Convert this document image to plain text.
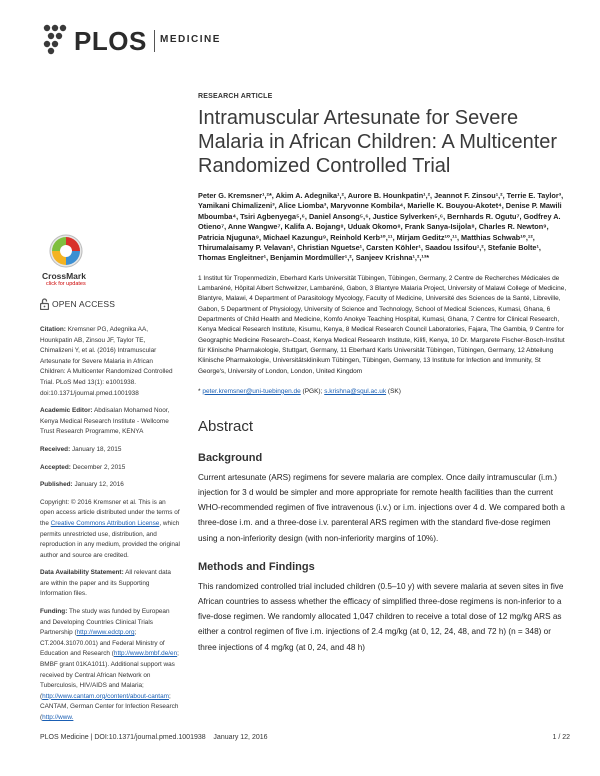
PLOS MEDICINE
CrossMark
click for updates
OPEN ACCESS

Citation: Kremsner PG, Adegnika AA, Hounkpatin AB, Zinsou JF, Taylor TE, Chimalizeni Y, et al. (2016) Intramuscular Artesunate for Severe Malaria in African Children: A Multicenter Randomized Controlled Trial. PLoS Med 13(1): e1001938. doi:10.1371/journal.pmed.1001938

Academic Editor: Abdisalan Mohamed Noor, Kenya Medical Research Institute - Wellcome Trust Research Programme, KENYA

Received: January 18, 2015

Accepted: December 2, 2015

Published: January 12, 2016

Copyright: © 2016 Kremsner et al. This is an open access article distributed under the terms of the Creative Commons Attribution License, which permits unrestricted use, distribution, and reproduction in any medium, provided the original author and source are credited.

Data Availability Statement: All relevant data are within the paper and its Supporting Information files.

Funding: The study was funded by European and Developing Countries Clinical Trials Partnership (http://www.edctp.org; CT.2004.31070.001) and Federal Ministry of Education and Research (http://www.bmbf.de/en; BMBF grant 01KA1011). Additional support was received by Central African Network on Tuberculosis, HIV/AIDS and Malaria; (http://www.cantam.org/content/about-cantam; CANTAM, German Center for Infection Research (http://www.

RESEARCH ARTICLE
Intramuscular Artesunate for Severe Malaria in African Children: A Multicenter Randomized Controlled Trial
Peter G. Kremsner¹,²*, Akim A. Adegnika¹,², Aurore B. Hounkpatin¹,², Jeannot F. Zinsou¹,², Terrie E. Taylor³, Yamikani Chimalizeni³, Alice Liomba³, Maryvonne Kombila⁴, Marielle K. Bouyou-Akotet⁴, Denise P. Mawili Mboumba⁴, Tsiri Agbenyega⁵,⁶, Daniel Ansong⁵,⁶, Justice Sylverken⁵,⁶, Bernhards R. Ogutu⁷, Godfrey A. Otieno⁷, Anne Wangwe⁷, Kalifa A. Bojang⁸, Uduak Okomo⁸, Frank Sanya-Isijola⁸, Charles R. Newton⁹, Patricia Njuguna⁹, Michael Kazungu⁹, Reinhold Kerb¹⁰,¹¹, Mirjam Geditz¹⁰,¹¹, Matthias Schwab¹⁰,¹², Thirumalaisamy P. Velavan¹, Christian Nguetse¹, Carsten Köhler¹, Saadou Issifou¹,², Stefanie Bolte¹, Thomas Engleitner¹, Benjamin Mordmüller¹,², Sanjeev Krishna¹,²,¹³*
1 Institut für Tropenmedizin, Eberhard Karls Universität Tübingen, Tübingen, Germany, 2 Centre de Recherches Médicales de Lambaréné, Hôpital Albert Schweitzer, Lambaréné, Gabon, 3 Blantyre Malaria Project, University of Malawi College of Medicine, Blantyre, Malawi, 4 Department of Parasitology Mycology, Faculty of Medicine, Université des Sciences de la Santé, Libreville, Gabon, 5 Department of Physiology, University of Science and Technology, School of Medical Sciences, Kumasi, Ghana, 6 Departments of Child Health and Medicine, Komfo Anokye Teaching Hospital, Kumasi, Ghana, 7 Centre for Clinical Research, Kenya Medical Research Institute, Kisumu, Kenya, 8 Medical Research Council Laboratories, Fajara, The Gambia, 9 Centre for Geographic Medicine Research–Coast, Kenya Medical Research Institute, Kilifi, Kenya, 10 Dr. Margarete Fischer-Bosch-Institut für Klinische Pharmakologie, Stuttgart, Germany, 11 Eberhard Karls Universität Tübingen, Tübingen, Germany, 12 Abteilung Klinische Pharmakologie, Universitätsklinikum Tübingen, Tübingen, Germany, 13 Institute for Infection and Immunity, St George's, University of London, London, United Kingdom
* peter.kremsner@uni-tuebingen.de (PGK); s.krishna@sgul.ac.uk (SK)
Abstract
Background
Current artesunate (ARS) regimens for severe malaria are complex. Once daily intramuscular (i.m.) injection for 3 d would be simpler and more appropriate for remote health facilities than the current WHO-recommended regimen of five intravenous (i.v.) or i.m. injections over 4 d. We compared both a three-dose i.m. and a three-dose i.v. parenteral ARS regimen with the standard five-dose regimen using a non-inferiority design (with non-inferiority margins of 10%).
Methods and Findings
This randomized controlled trial included children (0.5–10 y) with severe malaria at seven sites in five African countries to assess whether the efficacy of simplified three-dose regimens is non-inferior to a five-dose regimen. We randomly allocated 1,047 children to receive a total dose of 12 mg/kg ARS as either a control regimen of five i.m. injections of 2.4 mg/kg (at 0, 12, 24, 48, and 72 h) (n = 348) or three injections of 4 mg/kg (at 0, 24, and 48 h)
PLOS Medicine | DOI:10.1371/journal.pmed.1001938    January 12, 2016	1 / 22
